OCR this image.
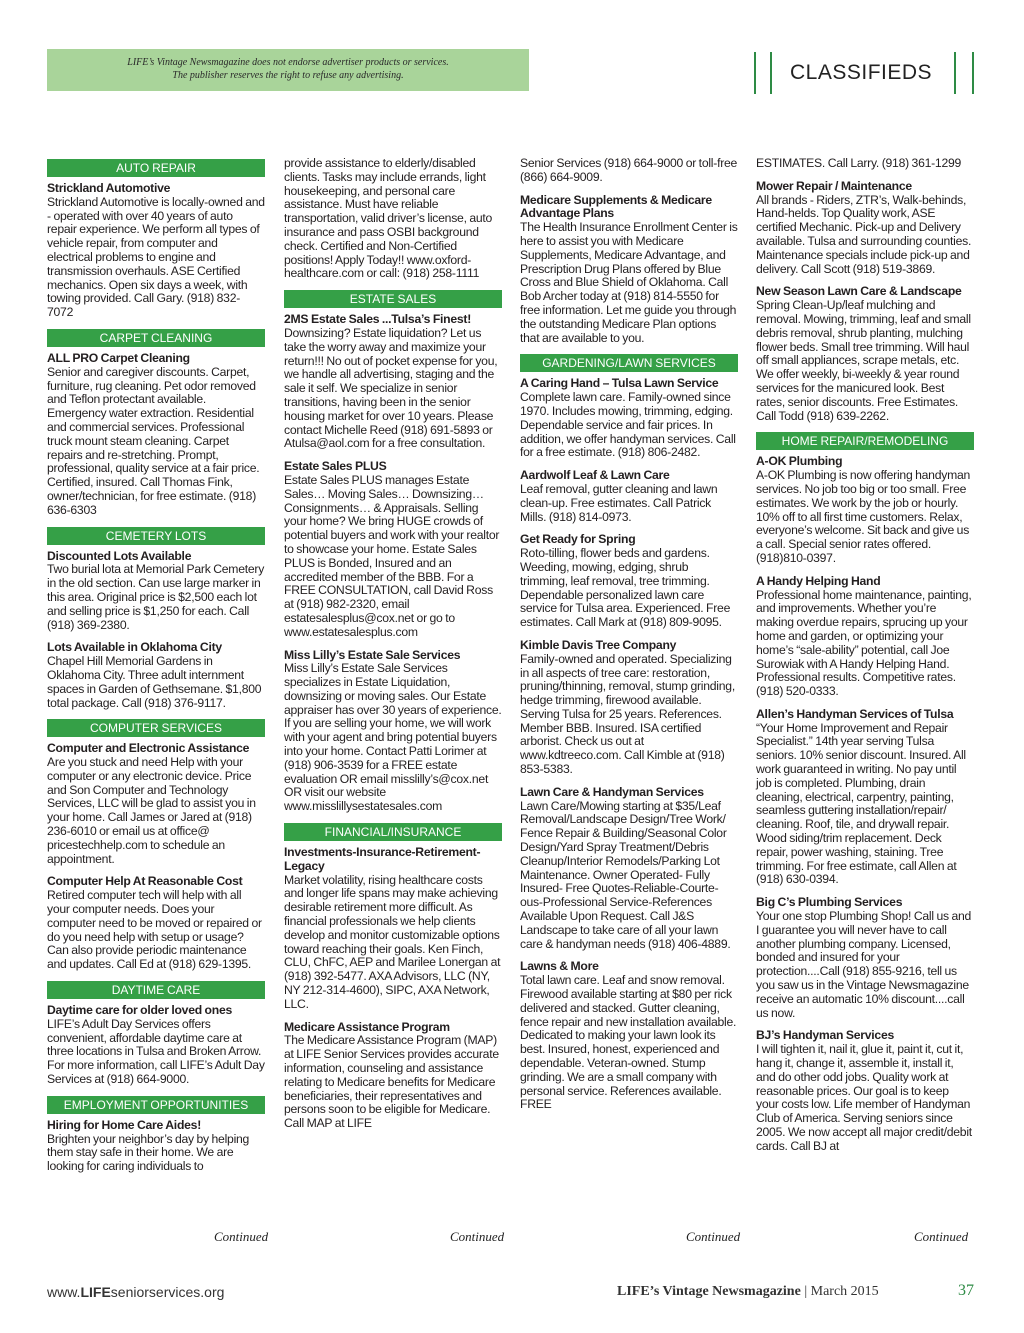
LIFE’s Vintage Newsmagazine does not endorse advertiser products or services.
The publisher reserves the right to refuse any advertising.	CLASSIFIEDS
AUTO REPAIR
Strickland Automotive
Strickland Automotive is locally-owned and - operated with over 40 years of auto repair experience. We perform all types of vehicle repair, from computer and electrical problems to engine and transmission overhauls. ASE Certified mechanics. Open six days a week, with towing provided. Call Gary. (918) 832-7072
CARPET CLEANING
ALL PRO Carpet Cleaning
Senior and caregiver discounts. Carpet, furniture, rug cleaning. Pet odor removed and Teflon protectant available. Emergency water extraction. Residential and commercial services. Professional truck mount steam cleaning. Carpet repairs and re-stretching. Prompt, professional, quality service at a fair price. Certified, insured. Call Thomas Fink, owner/technician, for free estimate. (918) 636-6303
CEMETERY LOTS
Discounted Lots Available
Two burial lota at Memorial Park Cemetery in the old section. Can use large marker in this area. Original price is $2,500 each lot and selling price is $1,250 for each. Call (918) 369-2380.
Lots Available in Oklahoma City
Chapel Hill Memorial Gardens in Oklahoma City. Three adult internment spaces in Garden of Gethsemane. $1,800 total package. Call (918) 376-9117.
COMPUTER SERVICES
Computer and Electronic Assistance
Are you stuck and need Help with your computer or any electronic device. Price and Son Computer and Technology Services, LLC will be glad to assist you in your home. Call James or Jared at (918) 236-6010 or email us at office@ pricestechhelp.com to schedule an appointment.
Computer Help At Reasonable Cost
Retired computer tech will help with all your computer needs. Does your computer need to be moved or repaired or do you need help with setup or usage? Can also provide periodic maintenance and updates. Call Ed at (918) 629-1395.
DAYTIME CARE
Daytime care for older loved ones
LIFE’s Adult Day Services offers convenient, affordable daytime care at three locations in Tulsa and Broken Arrow. For more information, call LIFE’s Adult Day Services at (918) 664-9000.
EMPLOYMENT OPPORTUNITIES
Hiring for Home Care Aides!
Brighten your neighbor’s day by helping them stay safe in their home. We are looking for caring individuals to
provide assistance to elderly/disabled clients. Tasks may include errands, light housekeeping, and personal care assistance. Must have reliable transportation, valid driver’s license, auto insurance and pass OSBI background check. Certified and Non-Certified positions! Apply Today!! www.oxford-healthcare.com or call: (918) 258-1111
ESTATE SALES
2MS Estate Sales ...Tulsa’s Finest!
Downsizing? Estate liquidation? Let us take the worry away and maximize your return!!! No out of pocket expense for you, we handle all advertising, staging and the sale it self. We specialize in senior transitions, having been in the senior housing market for over 10 years. Please contact Michelle Reed (918) 691-5893 or Atulsa@aol.com for a free consultation.
Estate Sales PLUS
Estate Sales PLUS manages Estate Sales… Moving Sales… Downsizing… Consignments… & Appraisals. Selling your home? We bring HUGE crowds of potential buyers and work with your realtor to showcase your home. Estate Sales PLUS is Bonded, Insured and an accredited member of the BBB. For a FREE CONSULTATION, call David Ross at (918) 982-2320, email estatesalesplus@cox.net or go to www.estatesalesplus.com
Miss Lilly’s Estate Sale Services
Miss Lilly’s Estate Sale Services specializes in Estate Liquidation, downsizing or moving sales. Our Estate appraiser has over 30 years of experience. If you are selling your home, we will work with your agent and bring potential buyers into your home. Contact Patti Lorimer at (918) 906-3539 for a FREE estate evaluation OR email misslilly’s@cox.net OR visit our website www.misslillysestatesales.com
FINANCIAL/INSURANCE
Investments-Insurance-Retirement-Legacy
Market volatility, rising healthcare costs and longer life spans may make achieving desirable retirement more difficult. As financial professionals we help clients develop and monitor customizable options toward reaching their goals. Ken Finch, CLU, ChFC, AEP and Marilee Lonergan at (918) 392-5477. AXA Advisors, LLC (NY, NY 212-314-4600), SIPC, AXA Network, LLC.
Medicare Assistance Program
The Medicare Assistance Program (MAP) at LIFE Senior Services provides accurate information, counseling and assistance relating to Medicare benefits for Medicare beneficiaries, their representatives and persons soon to be eligible for Medicare. Call MAP at LIFE
Senior Services (918) 664-9000 or toll-free (866) 664-9009.
Medicare Supplements & Medicare Advantage Plans
The Health Insurance Enrollment Center is here to assist you with Medicare Supplements, Medicare Advantage, and Prescription Drug Plans offered by Blue Cross and Blue Shield of Oklahoma. Call Bob Archer today at (918) 814-5550 for free information. Let me guide you through the outstanding Medicare Plan options that are available to you.
GARDENING/LAWN SERVICES
A Caring Hand – Tulsa Lawn Service
Complete lawn care. Family-owned since 1970. Includes mowing, trimming, edging. Dependable service and fair prices. In addition, we offer handyman services. Call for a free estimate. (918) 806-2482.
Aardwolf Leaf & Lawn Care
Leaf removal, gutter cleaning and lawn clean-up. Free estimates. Call Patrick Mills. (918) 814-0973.
Get Ready for Spring
Roto-tilling, flower beds and gardens. Weeding, mowing, edging, shrub trimming, leaf removal, tree trimming. Dependable personalized lawn care service for Tulsa area. Experienced. Free estimates. Call Mark at (918) 809-9095.
Kimble Davis Tree Company
Family-owned and operated. Specializing in all aspects of tree care: restoration, pruning/thinning, removal, stump grinding, hedge trimming, firewood available. Serving Tulsa for 25 years. References. Member BBB. Insured. ISA certified arborist. Check us out at www.kdtreeco.com. Call Kimble at (918) 853-5383.
Lawn Care & Handyman Services
Lawn Care/Mowing starting at $35/Leaf Removal/Landscape Design/Tree Work/ Fence Repair & Building/Seasonal Color Design/Yard Spray Treatment/Debris Cleanup/Interior Remodels/Parking Lot Maintenance. Owner Operated- Fully Insured- Free Quotes-Reliable-Courte-ous-Professional Service-References Available Upon Request. Call J&S Landscape to take care of all your lawn care & handyman needs (918) 406-4889.
Lawns & More
Total lawn care. Leaf and snow removal. Firewood available starting at $80 per rick delivered and stacked. Gutter cleaning, fence repair and new installation available. Dedicated to making your lawn look its best. Insured, honest, experienced and dependable. Veteran-owned. Stump grinding. We are a small company with personal service. References available. FREE
ESTIMATES. Call Larry. (918) 361-1299
Mower Repair / Maintenance
All brands - Riders, ZTR’s, Walk-behinds, Hand-helds. Top Quality work, ASE certified Mechanic. Pick-up and Delivery available. Tulsa and surrounding counties. Maintenance specials include pick-up and delivery. Call Scott (918) 519-3869.
New Season Lawn Care & Landscape
Spring Clean-Up/leaf mulching and removal. Mowing, trimming, leaf and small debris removal, shrub planting, mulching flower beds. Small tree trimming. Will haul off small appliances, scrape metals, etc. We offer weekly, bi-weekly & year round services for the manicured look. Best rates, senior discounts. Free Estimates. Call Todd (918) 639-2262.
HOME REPAIR/REMODELING
A-OK Plumbing
A-OK Plumbing is now offering handyman services. No job too big or too small. Free estimates. We work by the job or hourly. 10% off to all first time customers. Relax, everyone’s welcome. Sit back and give us a call. Special senior rates offered. (918)810-0397.
A Handy Helping Hand
Professional home maintenance, painting, and improvements. Whether you’re making overdue repairs, sprucing up your home and garden, or optimizing your home’s “sale-ability” potential, call Joe Surowiak with A Handy Helping Hand. Professional results. Competitive rates. (918) 520-0333.
Allen’s Handyman Services of Tulsa
“Your Home Improvement and Repair Specialist.” 14th year serving Tulsa seniors. 10% senior discount. Insured. All work guaranteed in writing. No pay until job is completed. Plumbing, drain cleaning, electrical, carpentry, painting, seamless guttering installation/repair/ cleaning. Roof, tile, and drywall repair. Wood siding/trim replacement. Deck repair, power washing, staining. Tree trimming. For free estimate, call Allen at (918) 630-0394.
Big C’s Plumbing Services
Your one stop Plumbing Shop! Call us and I guarantee you will never have to call another plumbing company. Licensed, bonded and insured for your protection....Call (918) 855-9216, tell us you saw us in the Vintage Newsmagazine receive an automatic 10% discount....call us now.
BJ’s Handyman Services
I will tighten it, nail it, glue it, paint it, cut it, hang it, change it, assemble it, install it, and do other odd jobs. Quality work at reasonable prices. Our goal is to keep your costs low. Life member of Handyman Club of America. Serving seniors since 2005. We now accept all major credit/debit cards. Call BJ at
Continued	Continued	Continued	Continued
www.LIFEseniorservices.org	LIFE’s Vintage Newsmagazine | March 2015	37
